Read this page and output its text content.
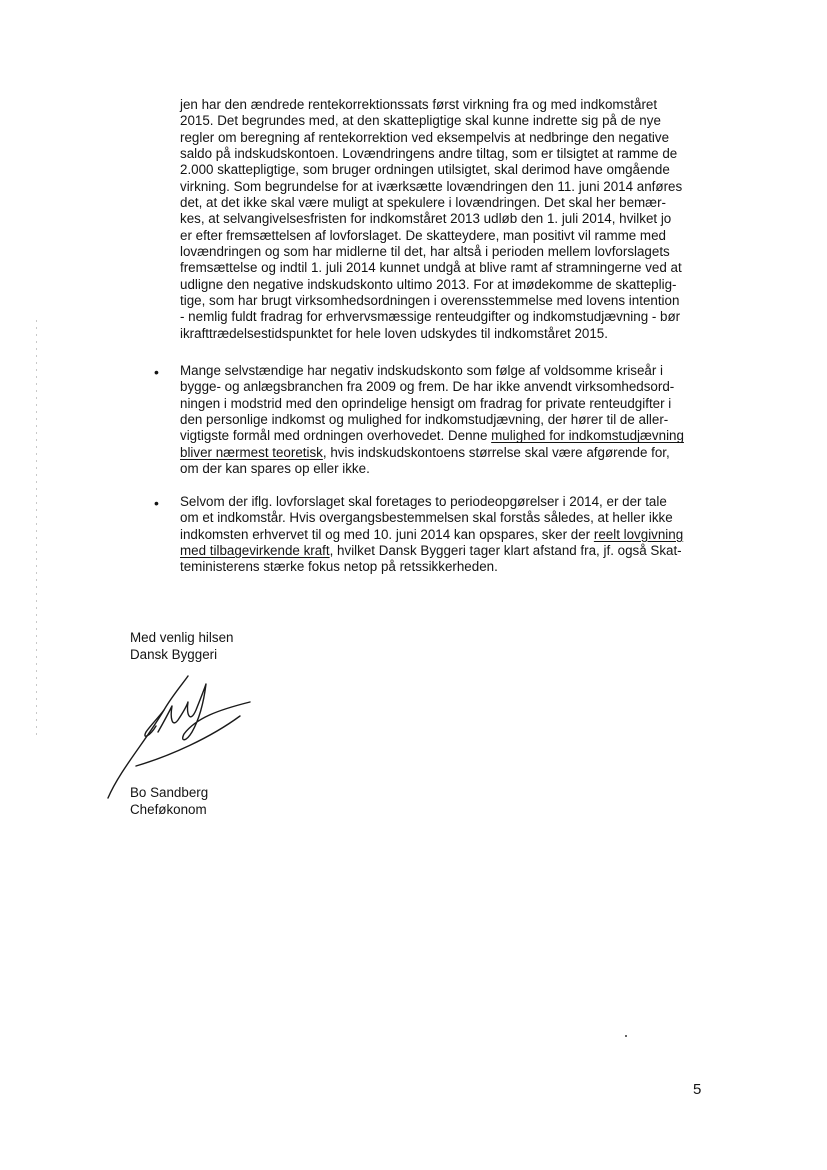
jen har den ændrede rentekorrektionssats først virkning fra og med indkomståret
2015. Det begrundes med, at den skattepligtige skal kunne indrette sig på de nye
regler om beregning af rentekorrektion ved eksempelvis at nedbringe den negative
saldo på indskudskontoen. Lovændringens andre tiltag, som er tilsigtet at ramme de
2.000 skattepligtige, som bruger ordningen utilsigtet, skal derimod have omgående
virkning. Som begrundelse for at iværksætte lovændringen den 11. juni 2014 anføres
det, at det ikke skal være muligt at spekulere i lovændringen. Det skal her bemær-
kes, at selvangivelsesfristen for indkomståret 2013 udløb den 1. juli 2014, hvilket jo
er efter fremsættelsen af lovforslaget. De skatteydere, man positivt vil ramme med
lovændringen og som har midlerne til det, har altså i perioden mellem lovforslagets
fremsættelse og indtil 1. juli 2014 kunnet undgå at blive ramt af stramningerne ved at
udligne den negative indskudskonto ultimo 2013. For at imødekomme de skatteplig-
tige, som har brugt virksomhedsordningen i overensstemmelse med lovens intention
- nemlig fuldt fradrag for erhvervsmæssige renteudgifter og indkomstudjævning - bør
ikrafttrædelsestidspunktet for hele loven udskydes til indkomståret 2015.
• Mange selvstændige har negativ indskudskonto som følge af voldsomme kriseår i
bygge- og anlægsbranchen fra 2009 og frem. De har ikke anvendt virksomhedsord-
ningen i modstrid med den oprindelige hensigt om fradrag for private renteudgifter i
den personlige indkomst og mulighed for indkomstudjævning, der hører til de aller-
vigtigste formål med ordningen overhovedet. Denne mulighed for indkomstudjævning
bliver nærmest teoretisk, hvis indskudskontoens størrelse skal være afgørende for,
om der kan spares op eller ikke.
• Selvom der iflg. lovforslaget skal foretages to periodeopgørelser i 2014, er der tale
om et indkomstår. Hvis overgangsbestemmelsen skal forstås således, at heller ikke
indkomsten erhvervet til og med 10. juni 2014 kan opspares, sker der reelt lovgivning
med tilbagevirkende kraft, hvilket Dansk Byggeri tager klart afstand fra, jf. også Skat-
teministerens stærke fokus netop på retssikkerheden.
Med venlig hilsen
Dansk Byggeri
Bo Sandberg
Cheføkonom
5
